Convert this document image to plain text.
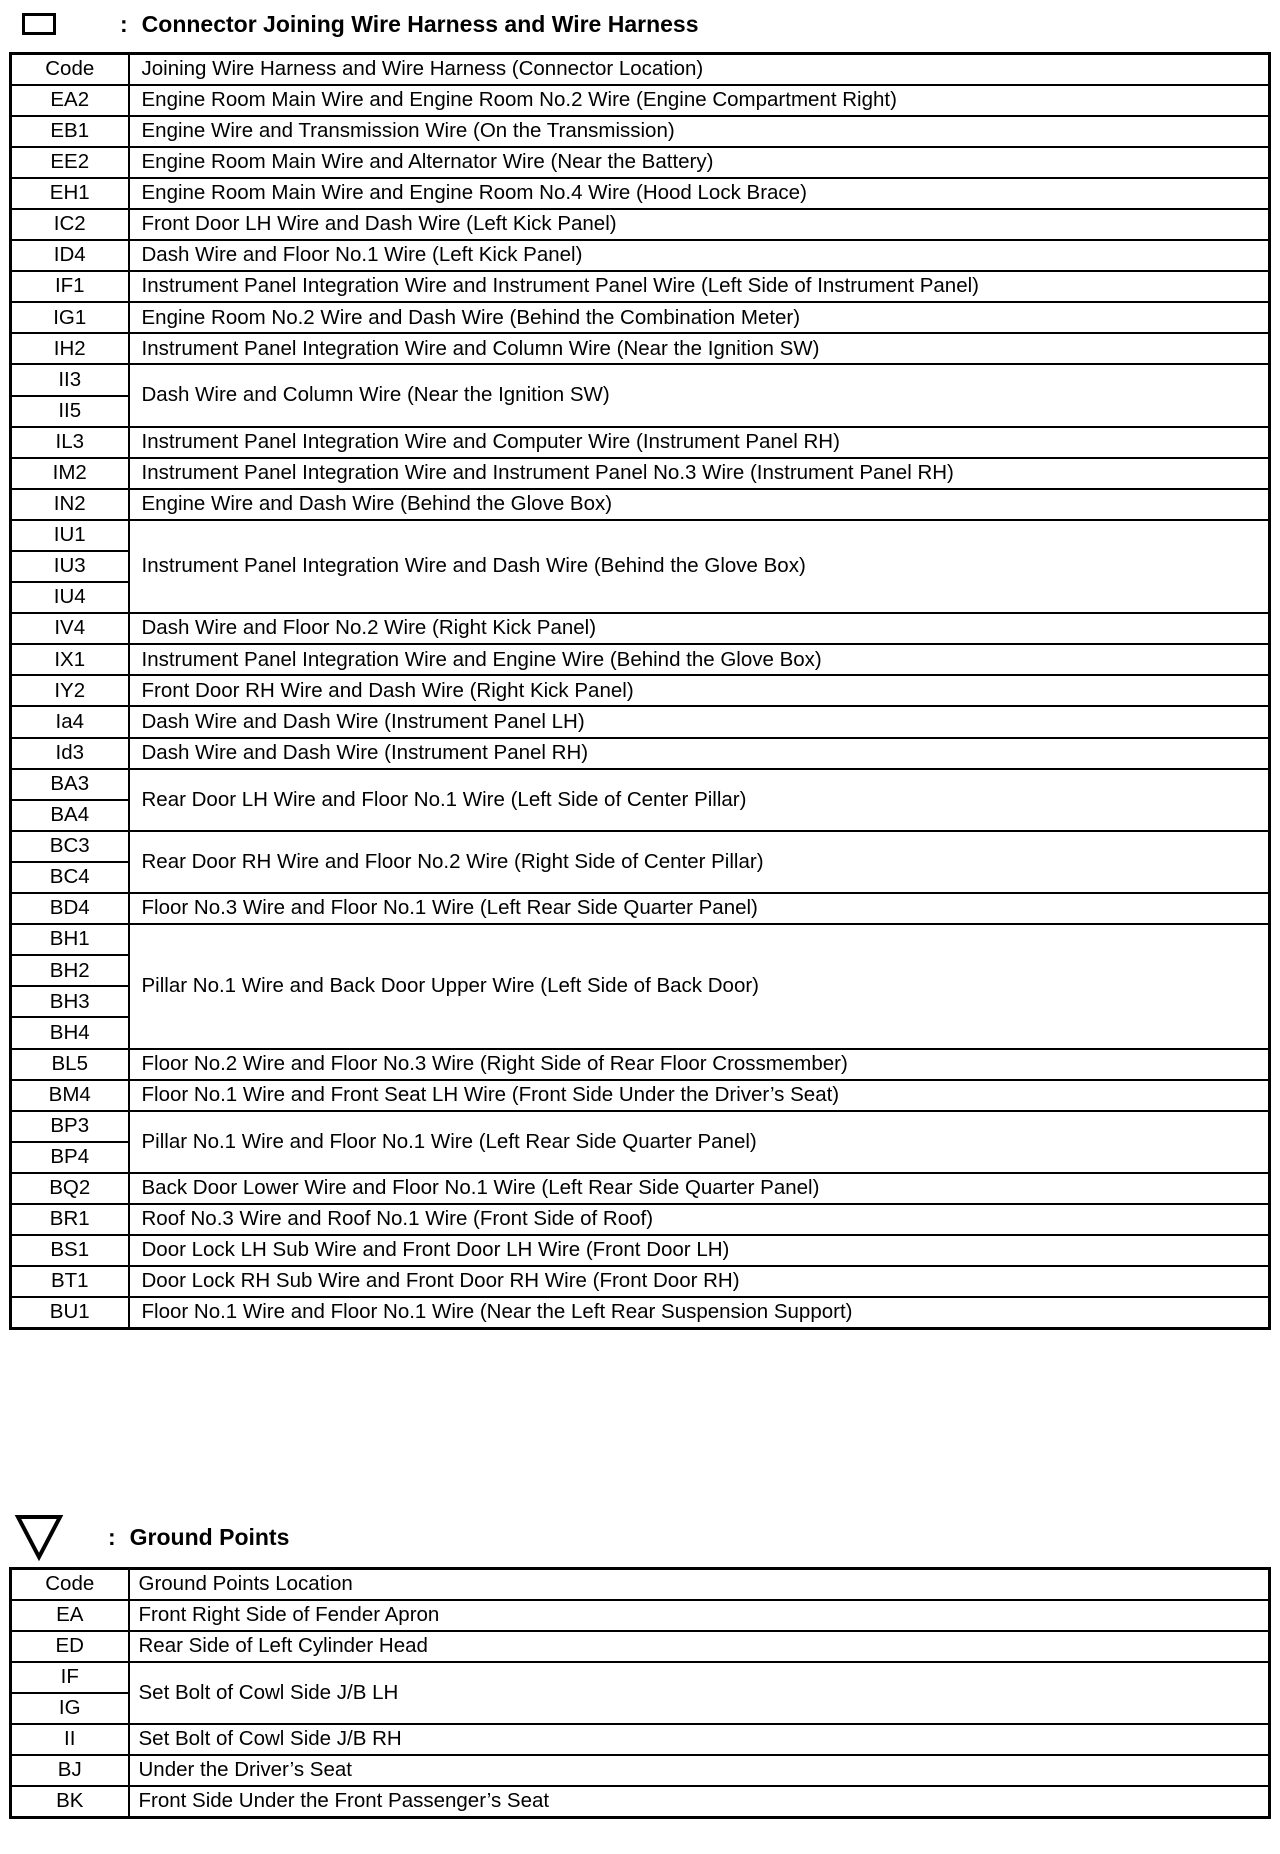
: Connector Joining Wire Harness and Wire Harness
Code	Joining Wire Harness and Wire Harness (Connector Location)
EA2	Engine Room Main Wire and Engine Room No.2 Wire (Engine Compartment Right)
EB1	Engine Wire and Transmission Wire (On the Transmission)
EE2	Engine Room Main Wire and Alternator Wire (Near the Battery)
EH1	Engine Room Main Wire and Engine Room No.4 Wire (Hood Lock Brace)
IC2	Front Door LH Wire and Dash Wire (Left Kick Panel)
ID4	Dash Wire and Floor No.1 Wire (Left Kick Panel)
IF1	Instrument Panel Integration Wire and Instrument Panel Wire (Left Side of Instrument Panel)
IG1	Engine Room No.2 Wire and Dash Wire (Behind the Combination Meter)
IH2	Instrument Panel Integration Wire and Column Wire (Near the Ignition SW)
II3	Dash Wire and Column Wire (Near the Ignition SW)
II5	
IL3	Instrument Panel Integration Wire and Computer Wire (Instrument Panel RH)
IM2	Instrument Panel Integration Wire and Instrument Panel No.3 Wire (Instrument Panel RH)
IN2	Engine Wire and Dash Wire (Behind the Glove Box)
IU1	Instrument Panel Integration Wire and Dash Wire (Behind the Glove Box)
IU3	
IU4	
IV4	Dash Wire and Floor No.2 Wire (Right Kick Panel)
IX1	Instrument Panel Integration Wire and Engine Wire (Behind the Glove Box)
IY2	Front Door RH Wire and Dash Wire (Right Kick Panel)
Ia4	Dash Wire and Dash Wire (Instrument Panel LH)
Id3	Dash Wire and Dash Wire (Instrument Panel RH)
BA3	Rear Door LH Wire and Floor No.1 Wire (Left Side of Center Pillar)
BA4	
BC3	Rear Door RH Wire and Floor No.2 Wire (Right Side of Center Pillar)
BC4	
BD4	Floor No.3 Wire and Floor No.1 Wire (Left Rear Side Quarter Panel)
BH1	Pillar No.1 Wire and Back Door Upper Wire (Left Side of Back Door)
BH2	
BH3	
BH4	
BL5	Floor No.2 Wire and Floor No.3 Wire (Right Side of Rear Floor Crossmember)
BM4	Floor No.1 Wire and Front Seat LH Wire (Front Side Under the Driver’s Seat)
BP3	Pillar No.1 Wire and Floor No.1 Wire (Left Rear Side Quarter Panel)
BP4	
BQ2	Back Door Lower Wire and Floor No.1 Wire (Left Rear Side Quarter Panel)
BR1	Roof No.3 Wire and Roof No.1 Wire (Front Side of Roof)
BS1	Door Lock LH Sub Wire and Front Door LH Wire (Front Door LH)
BT1	Door Lock RH Sub Wire and Front Door RH Wire (Front Door RH)
BU1	Floor No.1 Wire and Floor No.1 Wire (Near the Left Rear Suspension Support)
: Ground Points
Code	Ground Points Location
EA	Front Right Side of Fender Apron
ED	Rear Side of Left Cylinder Head
IF	Set Bolt of Cowl Side J/B LH
IG	
II	Set Bolt of Cowl Side J/B RH
BJ	Under the Driver’s Seat
BK	Front Side Under the Front Passenger’s Seat
